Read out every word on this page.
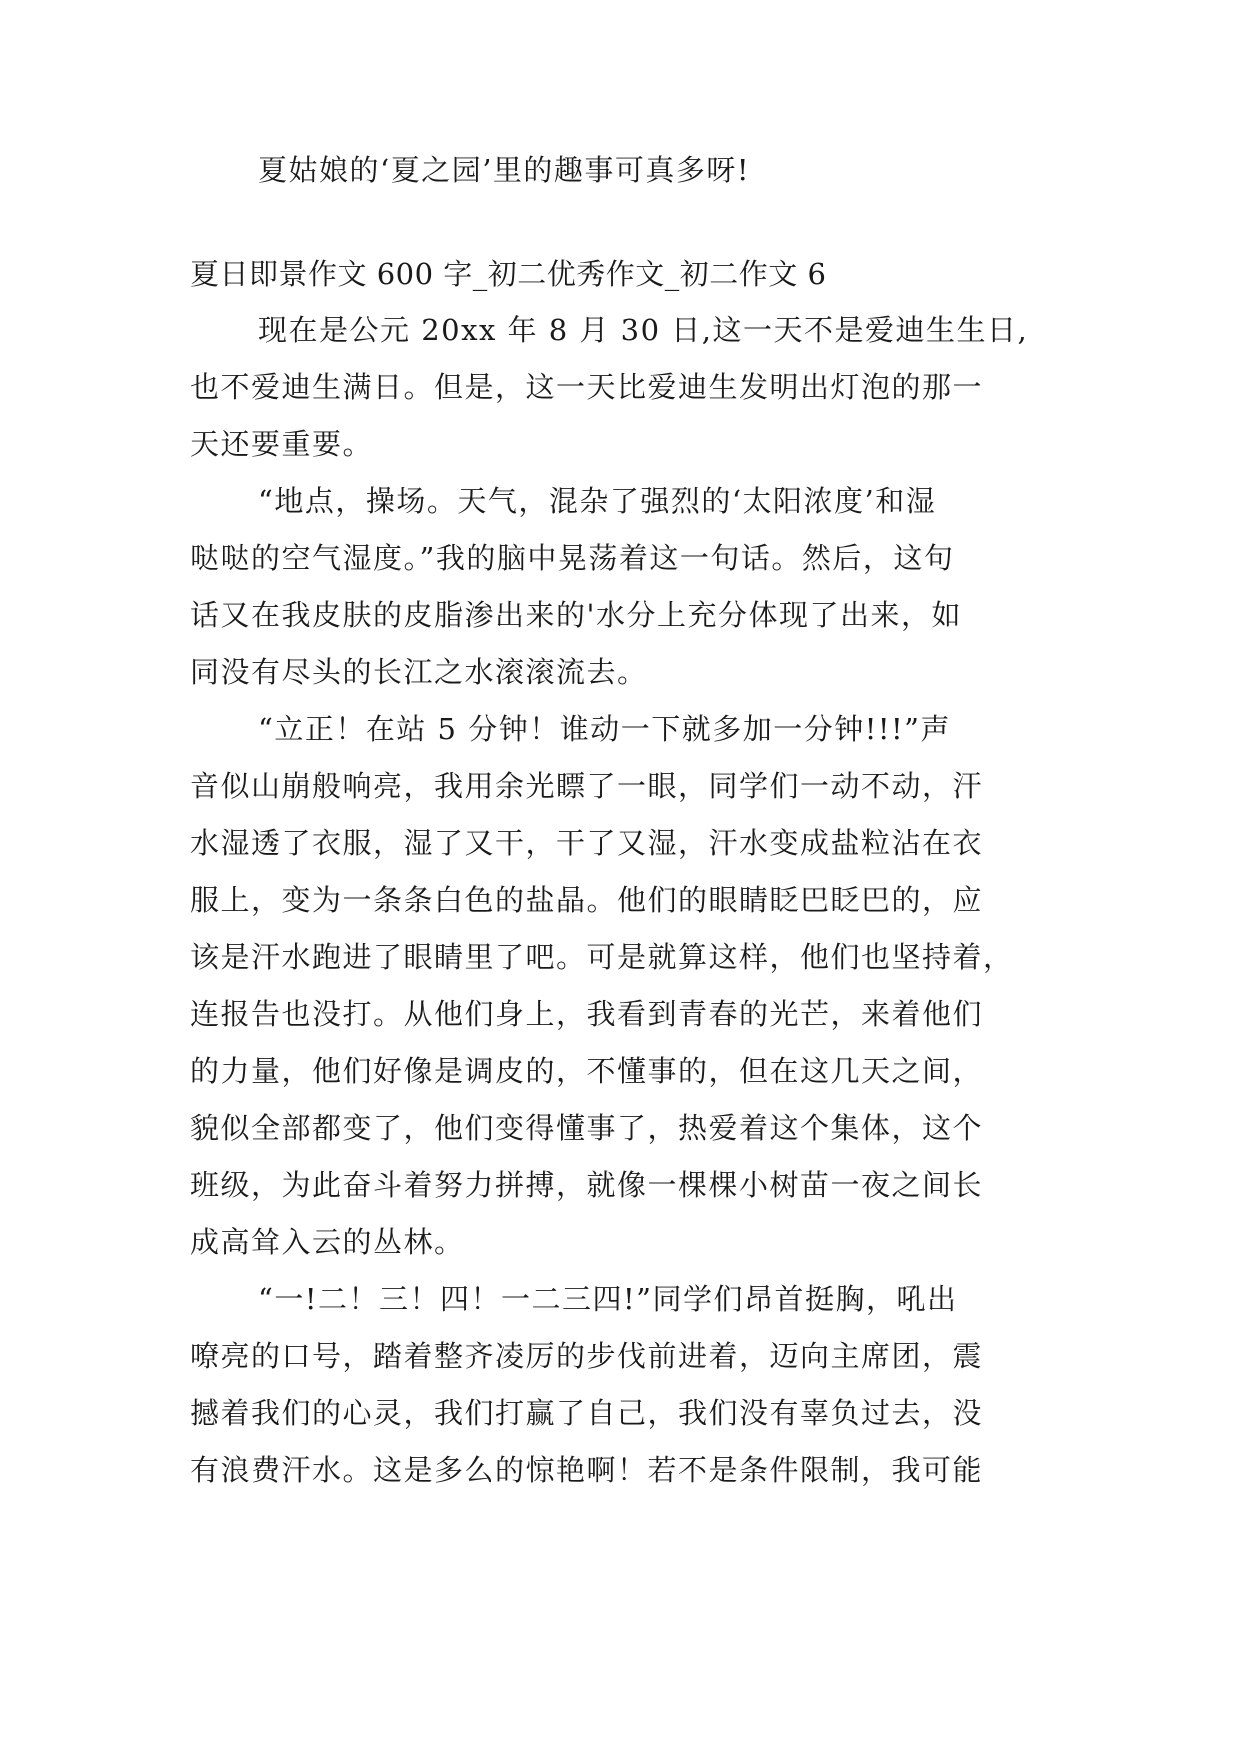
夏姑娘的‘夏之园’里的趣事可真多呀!
夏日即景作文 600 字_初二优秀作文_初二作文 6
现在是公元 20xx 年 8 月 30 日,这一天不是爱迪生生日,
也不爱迪生满日。但是，这一天比爱迪生发明出灯泡的那一
天还要重要。
“地点，操场。天气，混杂了强烈的‘太阳浓度’和湿
哒哒的空气湿度。”我的脑中晃荡着这一句话。然后，这句
话又在我皮肤的皮脂渗出来的'水分上充分体现了出来，如
同没有尽头的长江之水滚滚流去。
“立正！在站 5 分钟！谁动一下就多加一分钟!!!”声
音似山崩般响亮，我用余光瞟了一眼，同学们一动不动，汗
水湿透了衣服，湿了又干，干了又湿，汗水变成盐粒沾在衣
服上，变为一条条白色的盐晶。他们的眼睛眨巴眨巴的，应
该是汗水跑进了眼睛里了吧。可是就算这样，他们也坚持着，
连报告也没打。从他们身上，我看到青春的光芒，来着他们
的力量，他们好像是调皮的，不懂事的，但在这几天之间，
貌似全部都变了，他们变得懂事了，热爱着这个集体，这个
班级，为此奋斗着努力拼搏，就像一棵棵小树苗一夜之间长
成高耸入云的丛林。
“一!二！三！四！一二三四!”同学们昂首挺胸，吼出
嘹亮的口号，踏着整齐凌厉的步伐前进着，迈向主席团，震
撼着我们的心灵，我们打赢了自己，我们没有辜负过去，没
有浪费汗水。这是多么的惊艳啊！若不是条件限制，我可能
